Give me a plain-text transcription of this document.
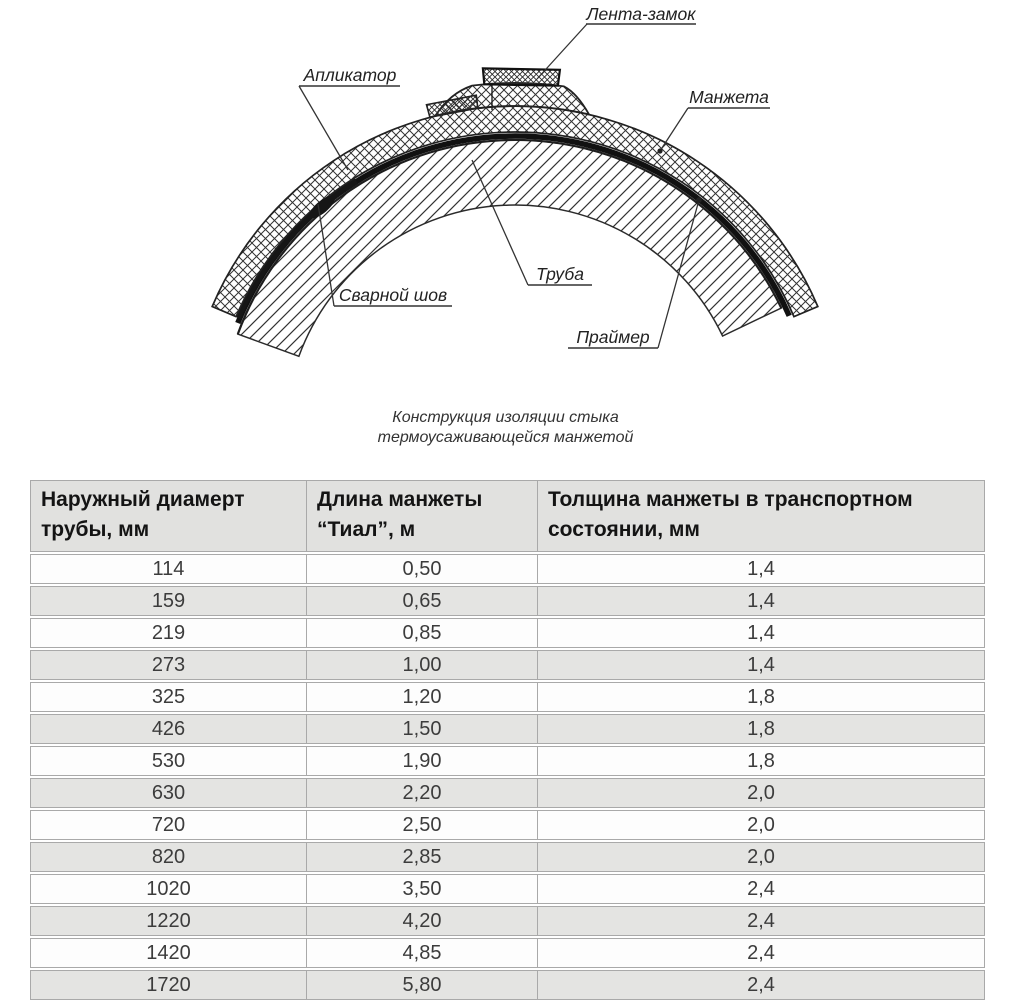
Лента-замок
Апликатор
Манжета
Труба
Сварной шов
Праймер
Конструкция изоляции стыка
термоусаживающейся манжетой
Наружный диамерт трубы, мм	Длина манжеты “Тиал”, м	Толщина манжеты в транспортном состоянии, мм
114	0,50	1,4
159	0,65	1,4
219	0,85	1,4
273	1,00	1,4
325	1,20	1,8
426	1,50	1,8
530	1,90	1,8
630	2,20	2,0
720	2,50	2,0
820	2,85	2,0
1020	3,50	2,4
1220	4,20	2,4
1420	4,85	2,4
1720	5,80	2,4
